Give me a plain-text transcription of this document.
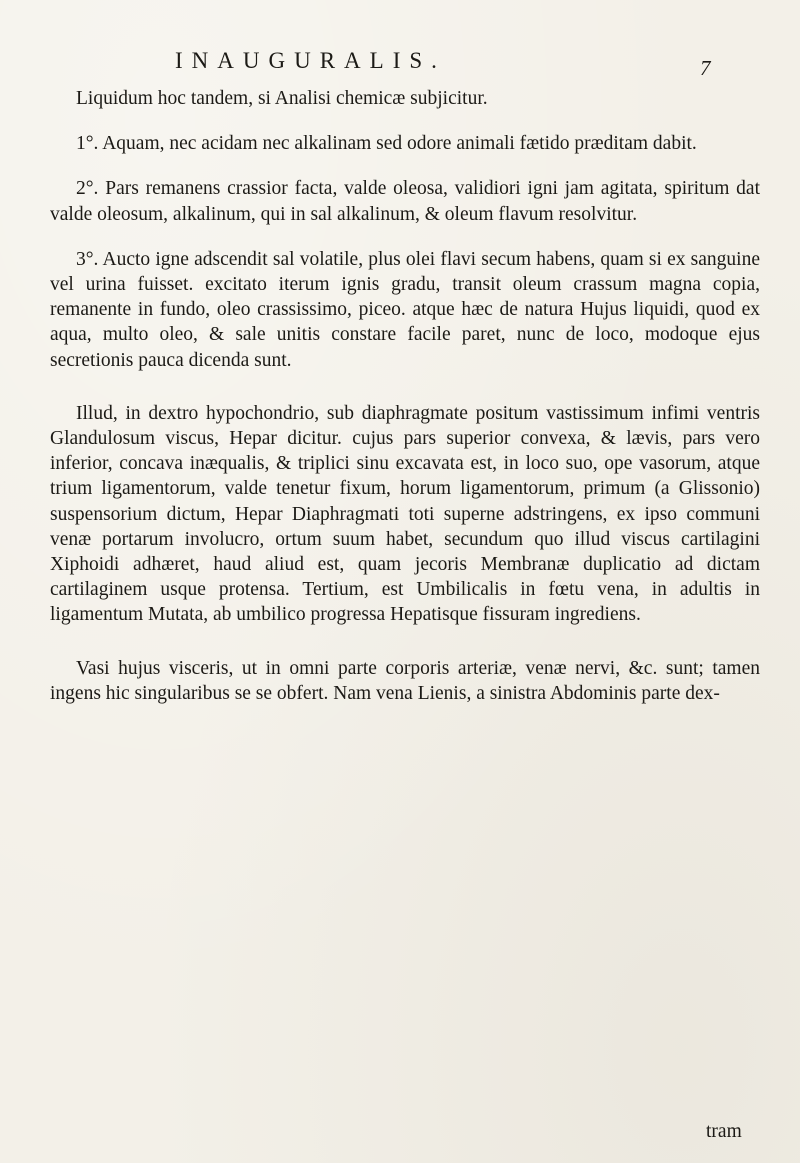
INAUGURALIS.	7

Liquidum hoc tandem, si Analisi chemicæ subjicitur.

1°. Aquam, nec acidam nec alkalinam sed odore animali fætido præditam dabit.

2°. Pars remanens crassior facta, valde oleosa, validiori igni jam agitata, spiritum dat valde oleosum, alkalinum, qui in sal alkalinum, & oleum flavum resolvitur.

3°. Aucto igne adscendit sal volatile, plus olei flavi secum habens, quam si ex sanguine vel urina fuisset. excitato iterum ignis gradu, transit oleum crassum magna copia, remanente in fundo, oleo crassissimo, piceo. atque hæc de natura Hujus liquidi, quod ex aqua, multo oleo, & sale unitis constare facile paret, nunc de loco, modoque ejus secretionis pauca dicenda sunt.

Illud, in dextro hypochondrio, sub diaphragmate positum vastissimum infimi ventris Glandulosum viscus, Hepar dicitur. cujus pars superior convexa, & lævis, pars vero inferior, concava inæqualis, & triplici sinu excavata est, in loco suo, ope vasorum, atque trium ligamentorum, valde tenetur fixum, horum ligamentorum, primum (a Glissonio) suspensorium dictum, Hepar Diaphragmati toti superne adstringens, ex ipso communi venæ portarum involucro, ortum suum habet, secundum quo illud viscus cartilagini Xiphoidi adhæret, haud aliud est, quam jecoris Membranæ duplicatio ad dictam cartilaginem usque protensa. Tertium, est Umbilicalis in fœtu vena, in adultis in ligamentum Mutata, ab umbilico progressa Hepatisque fissuram ingrediens.

Vasi hujus visceris, ut in omni parte corporis arteriæ, venæ nervi, &c. sunt; tamen ingens hic singularibus se se obfert. Nam vena Lienis, a sinistra Abdominis parte dex-

tram
